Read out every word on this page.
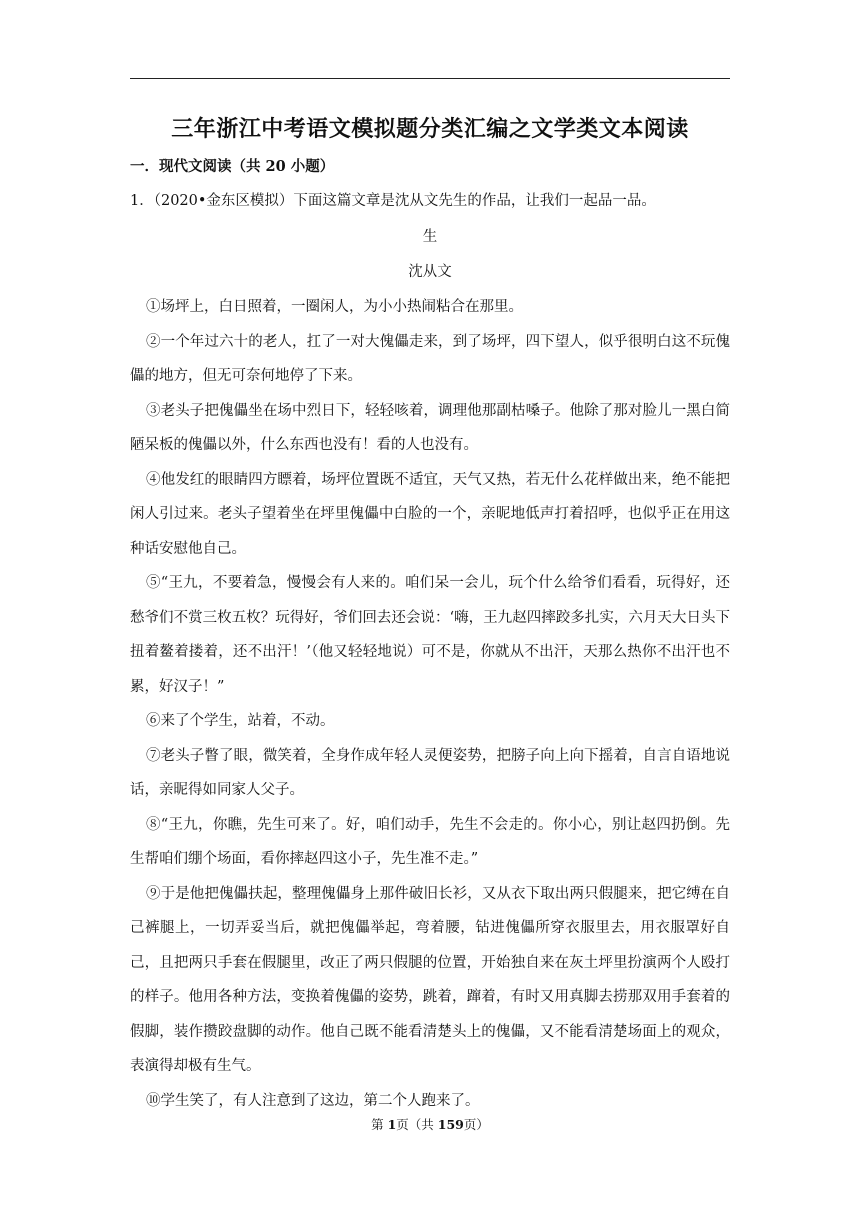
三年浙江中考语文模拟题分类汇编之文学类文本阅读
一．现代文阅读（共 20 小题）
1．（2020•金东区模拟）下面这篇文章是沈从文先生的作品，让我们一起品一品。
生
沈从文

①场坪上，白日照着，一圈闲人，为小小热闹粘合在那里。

②一个年过六十的老人，扛了一对大傀儡走来，到了场坪，四下望人，似乎很明白这不玩傀儡的地方，但无可奈何地停了下来。

③老头子把傀儡坐在场中烈日下，轻轻咳着，调理他那副枯嗓子。他除了那对脸儿一黑白简陋呆板的傀儡以外，什么东西也没有！看的人也没有。

④他发红的眼睛四方瞟着，场坪位置既不适宜，天气又热，若无什么花样做出来，绝不能把闲人引过来。老头子望着坐在坪里傀儡中白脸的一个，亲昵地低声打着招呼，也似乎正在用这种话安慰他自己。

⑤“王九，不要着急，慢慢会有人来的。咱们呆一会儿，玩个什么给爷们看看，玩得好，还愁爷们不赏三枚五枚？玩得好，爷们回去还会说：‘嗨，王九赵四摔跤多扎实，六月天大日头下扭着鳌着搂着，还不出汗！’（他又轻轻地说）可不是，你就从不出汗，天那么热你不出汗也不累，好汉子！”

⑥来了个学生，站着，不动。

⑦老头子瞥了眼，微笑着，全身作成年轻人灵便姿势，把膀子向上向下摇着，自言自语地说话，亲昵得如同家人父子。

⑧“王九，你瞧，先生可来了。好，咱们动手，先生不会走的。你小心，别让赵四扔倒。先生帮咱们绷个场面，看你摔赵四这小子，先生准不走。”

⑨于是他把傀儡扶起，整理傀儡身上那件破旧长衫，又从衣下取出两只假腿来，把它缚在自己裤腿上，一切弄妥当后，就把傀儡举起，弯着腰，钻进傀儡所穿衣服里去，用衣服罩好自己，且把两只手套在假腿里，改正了两只假腿的位置，开始独自来在灰土坪里扮演两个人殴打的样子。他用各种方法，变换着傀儡的姿势，跳着，蹿着，有时又用真脚去捞那双用手套着的假脚，装作攒跤盘脚的动作。他自己既不能看清楚头上的傀儡，又不能看清楚场面上的观众，表演得却极有生气。

⑩学生笑了，有人注意到了这边，第二个人跑来了。

第 1页（共 159页）
